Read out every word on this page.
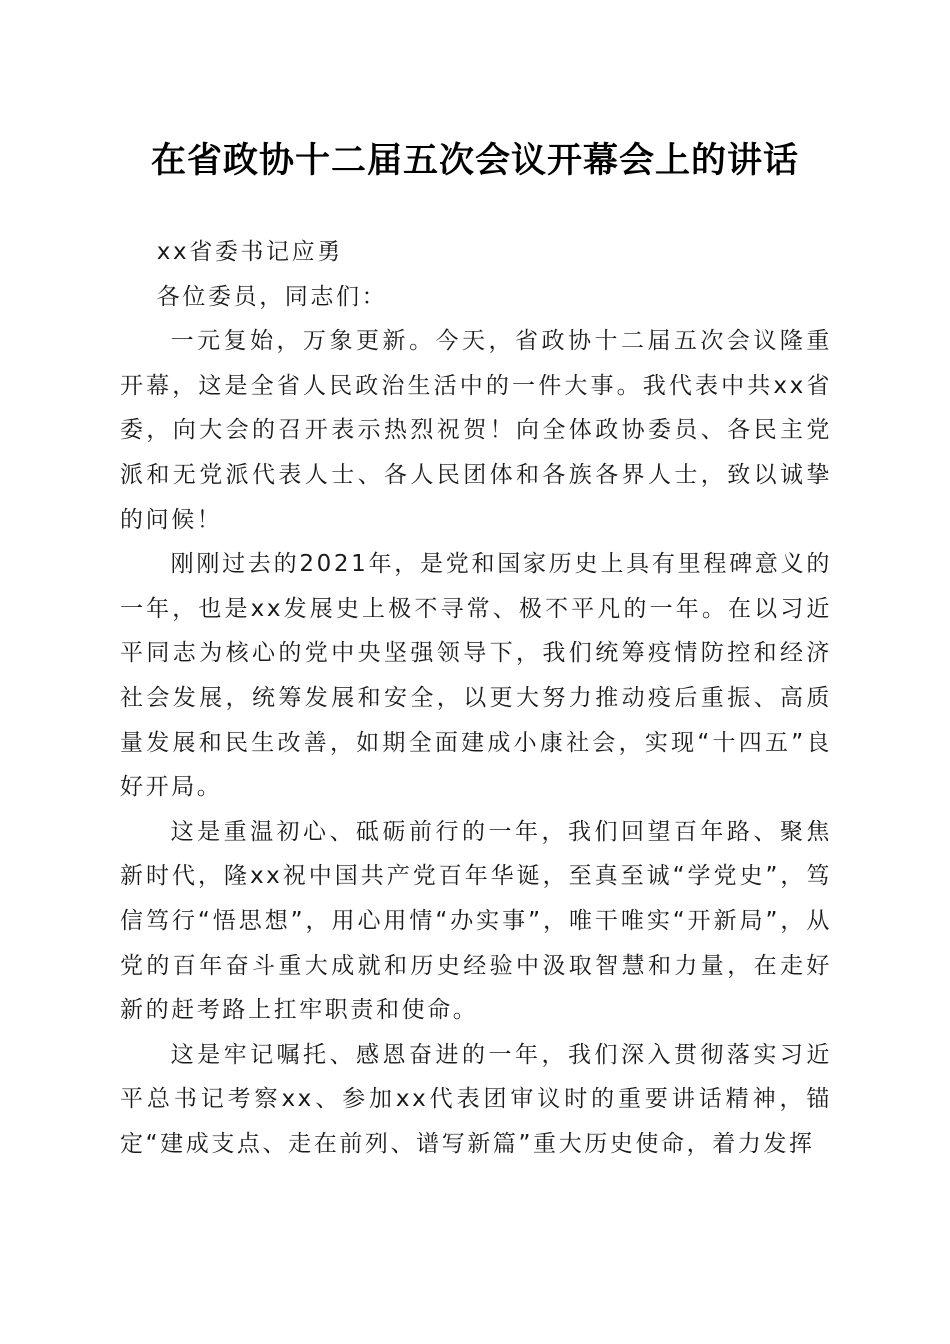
在省政协十二届五次会议开幕会上的讲话

xx省委书记应勇

各位委员，同志们：

一元复始，万象更新。今天，省政协十二届五次会议隆重开幕，这是全省人民政治生活中的一件大事。我代表中共xx省委，向大会的召开表示热烈祝贺！向全体政协委员、各民主党派和无党派代表人士、各人民团体和各族各界人士，致以诚挚的问候！

刚刚过去的2021年，是党和国家历史上具有里程碑意义的一年，也是xx发展史上极不寻常、极不平凡的一年。在以习近平同志为核心的党中央坚强领导下，我们统筹疫情防控和经济社会发展，统筹发展和安全，以更大努力推动疫后重振、高质量发展和民生改善，如期全面建成小康社会，实现“十四五”良好开局。

这是重温初心、砥砺前行的一年，我们回望百年路、聚焦新时代，隆xx祝中国共产党百年华诞，至真至诚“学党史”，笃信笃行“悟思想”，用心用情“办实事”，唯干唯实“开新局”，从党的百年奋斗重大成就和历史经验中汲取智慧和力量，在走好新的赶考路上扛牢职责和使命。

这是牢记嘱托、感恩奋进的一年，我们深入贯彻落实习近平总书记考察xx、参加xx代表团审议时的重要讲话精神，锚定“建成支点、走在前列、谱写新篇”重大历史使命，着力发挥
